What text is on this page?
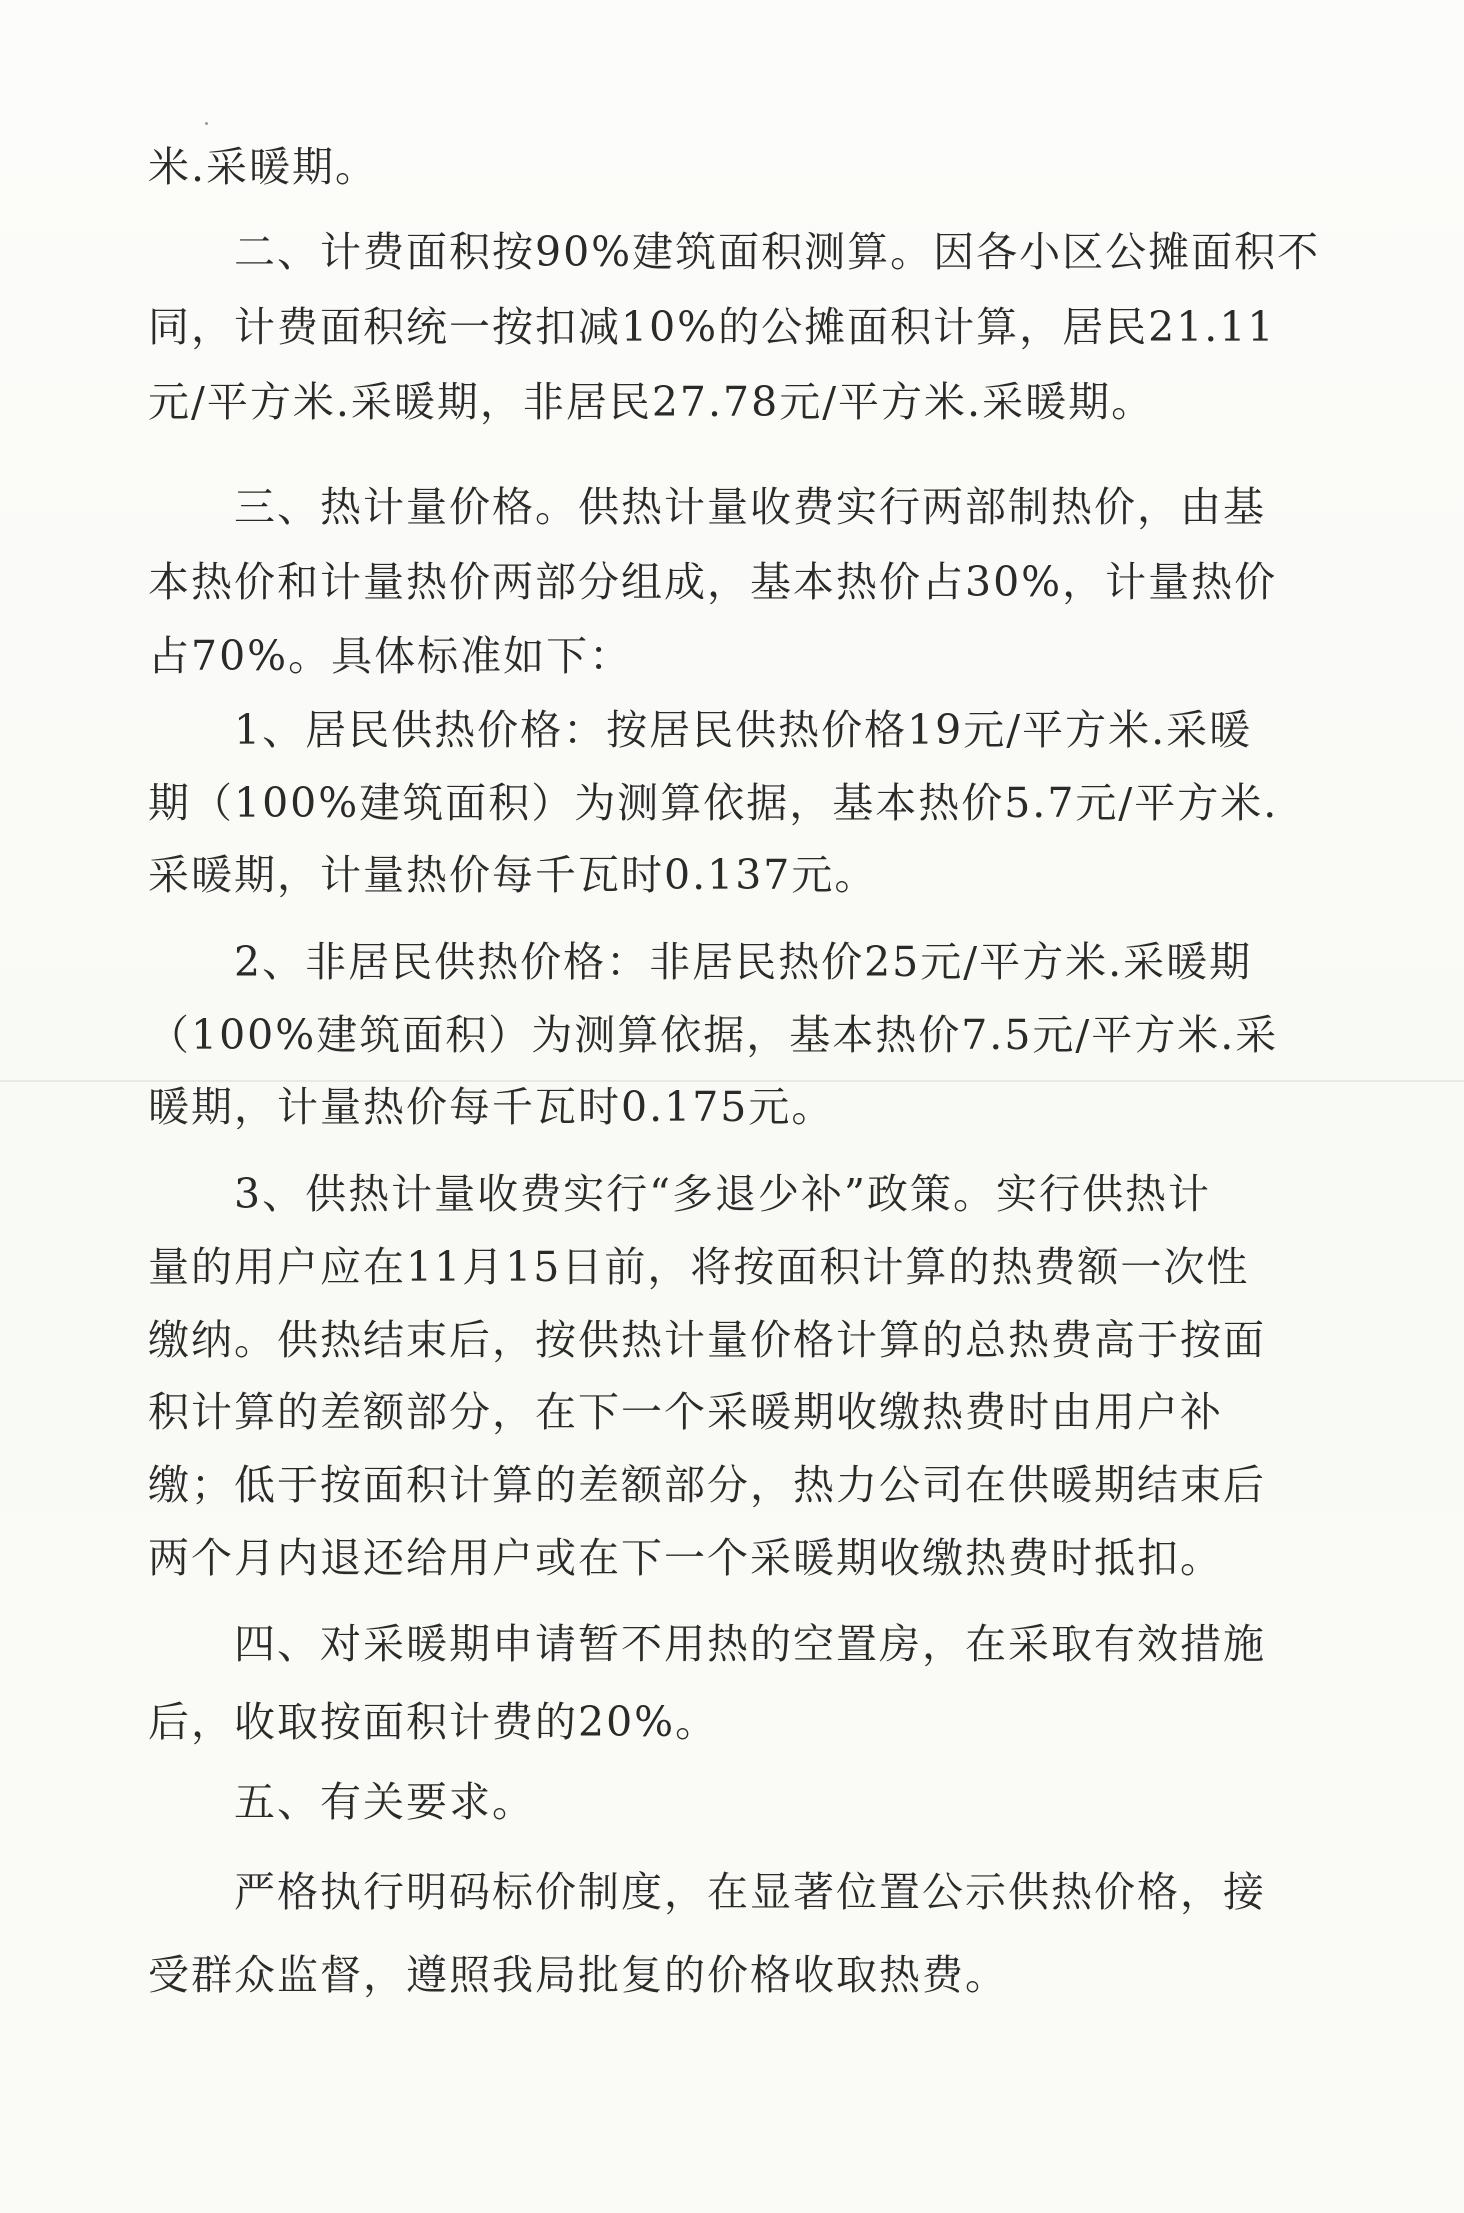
米.采暖期。
　　二、计费面积按90%建筑面积测算。因各小区公摊面积不
同，计费面积统一按扣减10%的公摊面积计算，居民21.11
元/平方米.采暖期，非居民27.78元/平方米.采暖期。
　　三、热计量价格。供热计量收费实行两部制热价，由基
本热价和计量热价两部分组成，基本热价占30%，计量热价
占70%。具体标准如下：
　　1、居民供热价格：按居民供热价格19元/平方米.采暖
期（100%建筑面积）为测算依据，基本热价5.7元/平方米.
采暖期，计量热价每千瓦时0.137元。
　　2、非居民供热价格：非居民热价25元/平方米.采暖期
（100%建筑面积）为测算依据，基本热价7.5元/平方米.采
暖期，计量热价每千瓦时0.175元。
　　3、供热计量收费实行“多退少补”政策。实行供热计
量的用户应在11月15日前，将按面积计算的热费额一次性
缴纳。供热结束后，按供热计量价格计算的总热费高于按面
积计算的差额部分，在下一个采暖期收缴热费时由用户补
缴；低于按面积计算的差额部分，热力公司在供暖期结束后
两个月内退还给用户或在下一个采暖期收缴热费时抵扣。
　　四、对采暖期申请暂不用热的空置房，在采取有效措施
后，收取按面积计费的20%。
　　五、有关要求。
　　严格执行明码标价制度，在显著位置公示供热价格，接
受群众监督，遵照我局批复的价格收取热费。
